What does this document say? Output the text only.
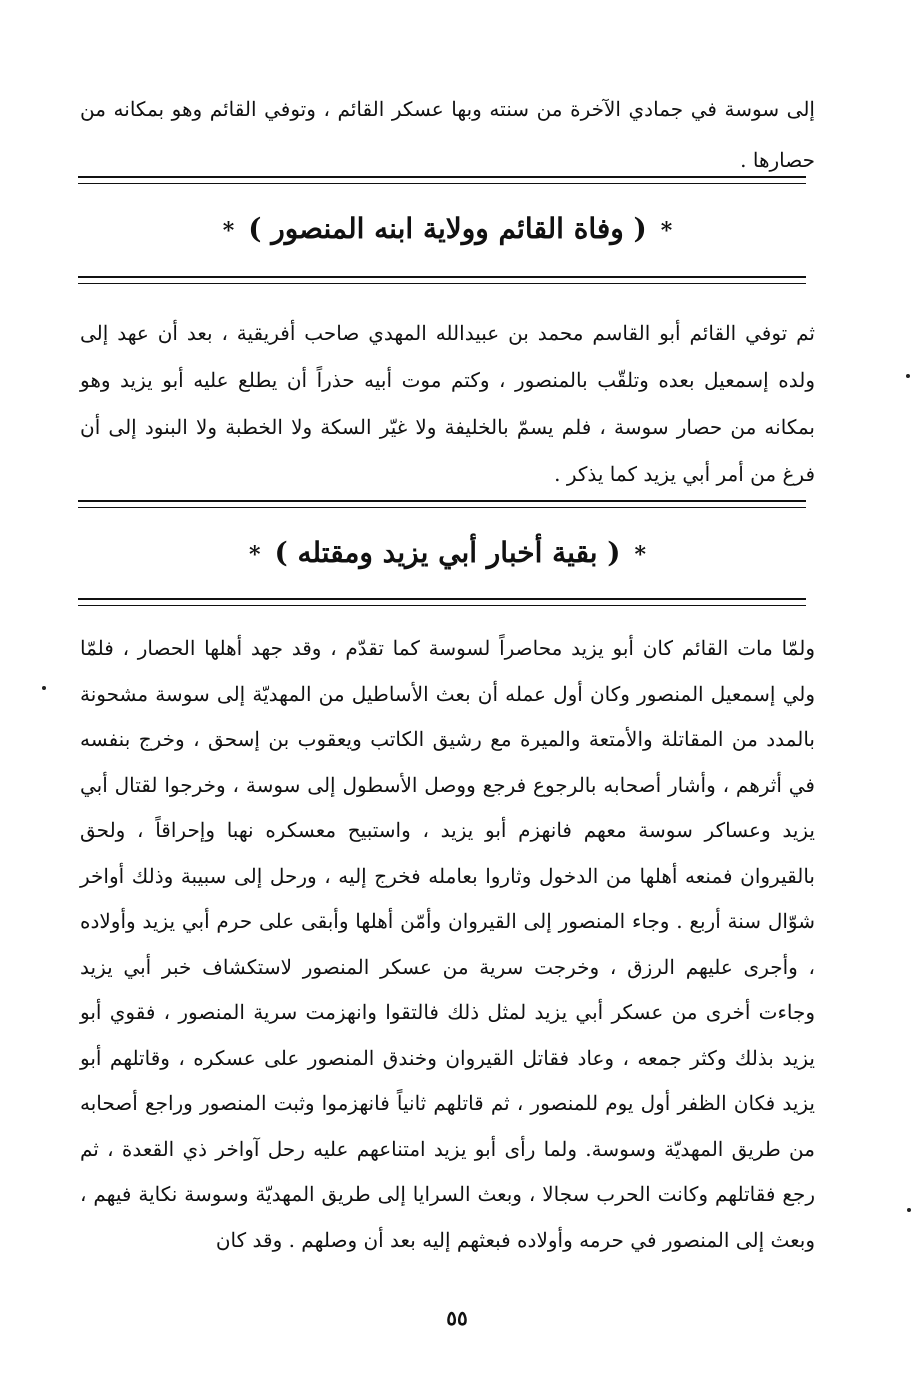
إلى سوسة في جمادي الآخرة من سنته وبها عسكر القائم ، وتوفي القائم وهو بمكانه من حصارها .

*( وفاة القائم وولاية ابنه المنصور )*

ثم توفي القائم أبو القاسم محمد بن عبيدالله المهدي صاحب أفريقية ، بعد أن عهد إلى ولده إسمعيل بعده وتلقّب بالمنصور ، وكتم موت أبيه حذراً أن يطلع عليه أبو يزيد وهو بمكانه من حصار سوسة ، فلم يسمّ بالخليفة ولا غيّر السكة ولا الخطبة ولا البنود إلى أن فرغ من أمر أبي يزيد كما يذكر .

*( بقية أخبار أبي يزيد ومقتله )*

ولمّا مات القائم كان أبو يزيد محاصراً لسوسة كما تقدّم ، وقد جهد أهلها الحصار ، فلمّا ولي إسمعيل المنصور وكان أول عمله أن بعث الأساطيل من المهديّة إلى سوسة مشحونة بالمدد من المقاتلة والأمتعة والميرة مع رشيق الكاتب ويعقوب بن إسحق ، وخرج بنفسه في أثرهم ، وأشار أصحابه بالرجوع فرجع ووصل الأسطول إلى سوسة ، وخرجوا لقتال أبي يزيد وعساكر سوسة معهم فانهزم أبو يزيد ، واستبيح معسكره نهبا وإحراقاً ، ولحق بالقيروان فمنعه أهلها من الدخول وثاروا بعامله فخرج إليه ، ورحل إلى سبيبة وذلك أواخر شوّال سنة أربع . وجاء المنصور إلى القيروان وأمّن أهلها وأبقى على حرم أبي يزيد وأولاده ، وأجرى عليهم الرزق ، وخرجت سرية من عسكر المنصور لاستكشاف خبر أبي يزيد وجاءت أخرى من عسكر أبي يزيد لمثل ذلك فالتقوا وانهزمت سرية المنصور ، فقوي أبو يزيد بذلك وكثر جمعه ، وعاد فقاتل القيروان وخندق المنصور على عسكره ، وقاتلهم أبو يزيد فكان الظفر أول يوم للمنصور ، ثم قاتلهم ثانياً فانهزموا وثبت المنصور وراجع أصحابه من طريق المهديّة وسوسة. ولما رأى أبو يزيد امتناعهم عليه رحل آواخر ذي القعدة ، ثم رجع فقاتلهم وكانت الحرب سجالا ، وبعث السرايا إلى طريق المهديّة وسوسة نكاية فيهم ، وبعث إلى المنصور في حرمه وأولاده فبعثهم إليه بعد أن وصلهم . وقد كان

٥٥
